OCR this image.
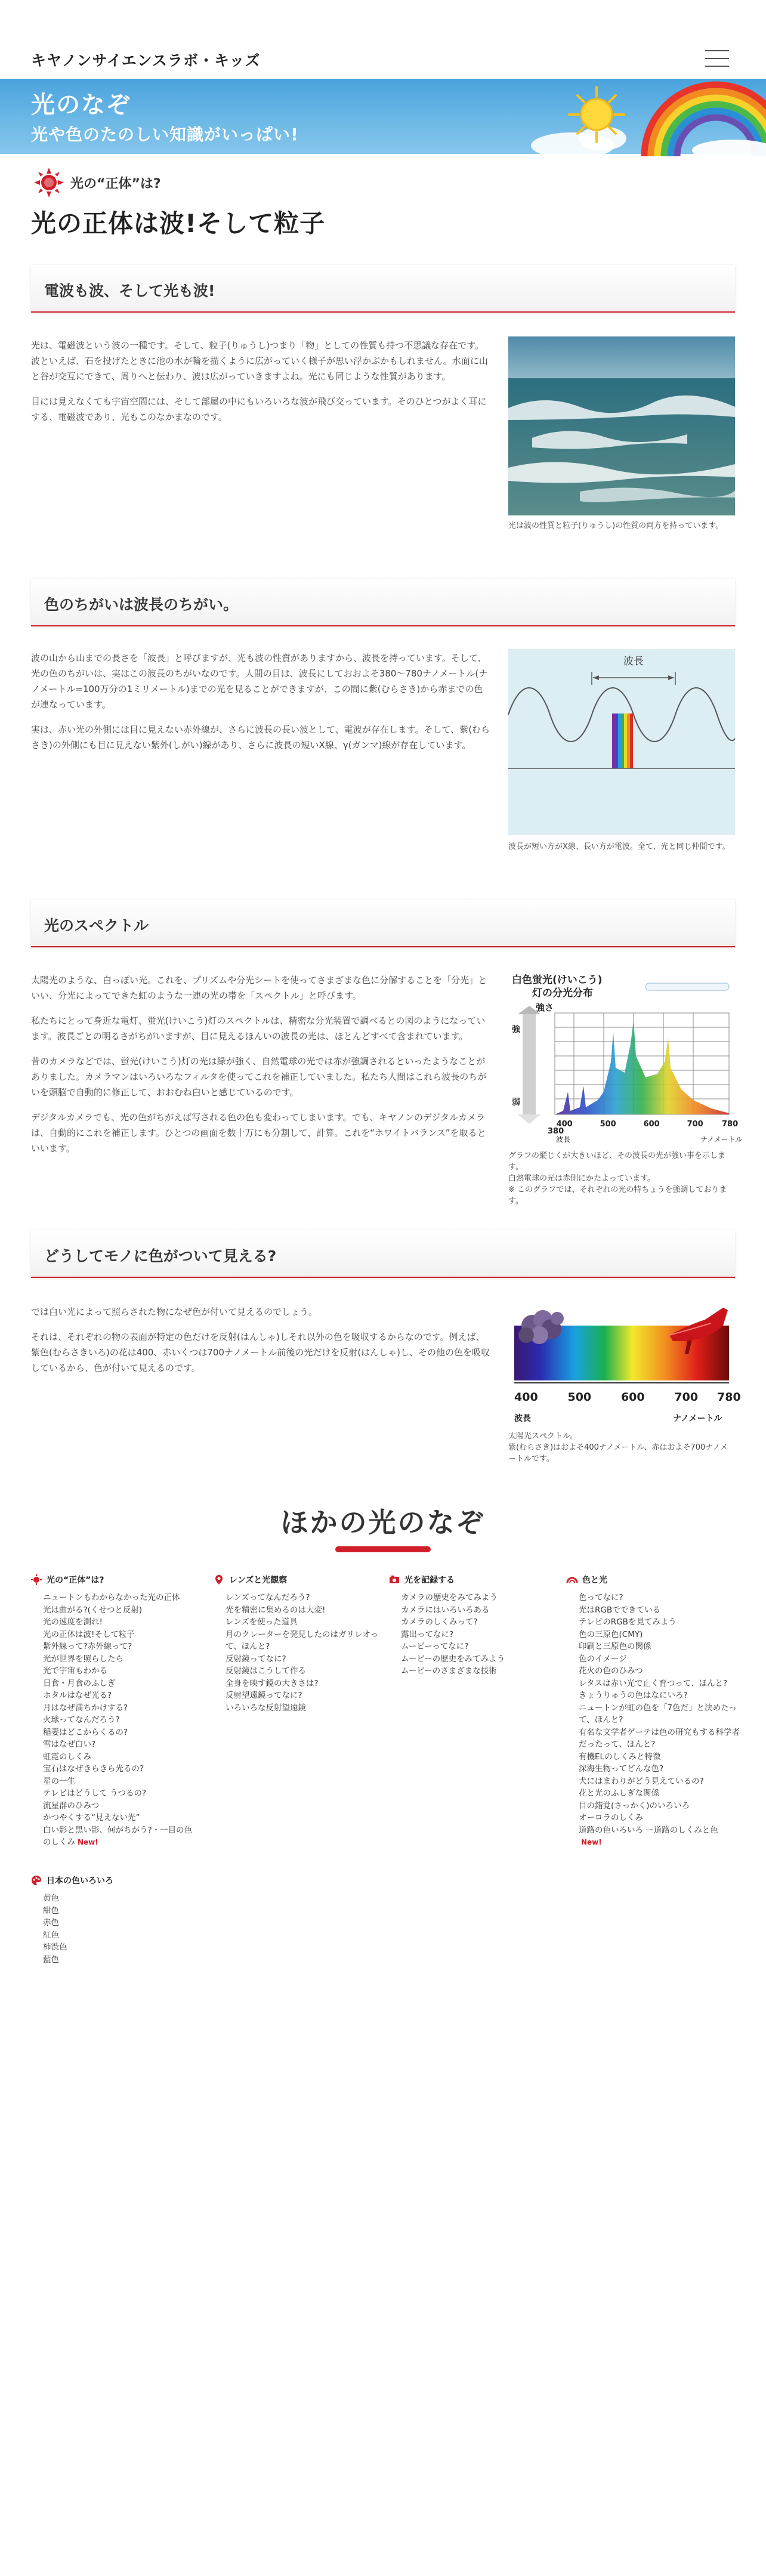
キヤノンサイエンスラボ・キッズ
光のなぞ
光や色のたのしい知識がいっぱい!
光の“正体”は?
光の正体は波!そして粒子
電波も波、そして光も波!

光は、電磁波という波の一種です。そして、粒子(りゅうし)つまり「物」としての性質も持つ不思議な存在です。波といえば、石を投げたときに池の水が輪を描くように広がっていく様子が思い浮かぶかもしれません。水面に山と谷が交互にできて、周りへと伝わり、波は広がっていきますよね。光にも同じような性質があります。

目には見えなくても宇宙空間には、そして部屋の中にもいろいろな波が飛び交っています。そのひとつがよく耳にする、電磁波であり、光もこのなかまなのです。

光は波の性質と粒子(りゅうし)の性質の両方を持っています。
色のちがいは波長のちがい。

波の山から山までの長さを「波長」と呼びますが、光も波の性質がありますから、波長を持っています。そして、光の色のちがいは、実はこの波長のちがいなのです。人間の目は、波長にしておおよそ380〜780ナノメートル(ナノメートル=100万分の1ミリメートル)までの光を見ることができますが、この間に紫(むらさき)から赤までの色が連なっています。

実は、赤い光の外側には目に見えない赤外線が、さらに波長の長い波として、電波が存在します。そして、紫(むらさき)の外側にも目に見えない紫外(しがい)線があり、さらに波長の短いX線、γ(ガンマ)線が存在しています。

波長
波長が短い方がX線、長い方が電波。全て、光と同じ仲間です。
光のスペクトル

太陽光のような、白っぽい光。これを、プリズムや分光シートを使ってさまざまな色に分解することを「分光」といい、分光によってできた虹のような一連の光の帯を「スペクトル」と呼びます。

私たちにとって身近な電灯、蛍光(けいこう)灯のスペクトルは、精密な分光装置で調べるとの図のようになっています。波長ごとの明るさがちがいますが、目に見えるほんいの波長の光は、ほとんどすべて含まれています。

昔のカメラなどでは、蛍光(けいこう)灯の光は緑が強く、自然電球の光では赤が強調されるといったようなことがありました。カメラマンはいろいろなフィルタを使ってこれを補正していました。私たち人間はこれら波長のちがいを頭脳で自動的に修正して、おおむね白いと感じているのです。

デジタルカメラでも、光の色がちがえば写される色の色も変わってしまいます。でも、キヤノンのデジタルカメラは、自動的にこれを補正します。ひとつの画面を数十万にも分割して、計算。これを“ホワイトバランス”を取るといいます。

白色蛍光(けいこう)
灯の分光分布
強さ
強
弱
380
400	500	600	700 780
ナノメートル
波長
グラフの縦じくが大きいほど、その波長の光が強い事を示します。
白熱電球の光は赤側にかたよっています。
※ このグラフでは、それぞれの光の特ちょうを強調しております。
どうしてモノに色がついて見える?

では白い光によって照らされた物になぜ色が付いて見えるのでしょう。

それは、それぞれの物の表面が特定の色だけを反射(はんしゃ)しそれ以外の色を吸収するからなのです。例えば、紫色(むらさきいろ)の花は400、赤いくつは700ナノメートル前後の光だけを反射(はんしゃ)し、その他の色を吸収しているから、色が付いて見えるのです。

400	500	600	700 780
波長	ナノメートル
太陽光スペクトル。
紫(むらさき)はおよそ400ナノメートル、赤はおよそ700ナノメートルです。
ほかの光のなぞ
光の“正体”は?
ニュートンもわからなかった光の正体
光は曲がる?(くせつと反射)
光の速度を測れ!
光の正体は波!そして粒子
紫外線って?赤外線って?
光が世界を照らしたら
光で宇宙もわかる
日食・月食のふしぎ
ホタルはなぜ光る?
月はなぜ満ちかけする?
火球ってなんだろう?
稲妻はどこからくるの?
雪はなぜ白い?
虹霓のしくみ
宝石はなぜきらきら光るの?
星の一生
テレビはどうして うつるの?
流星群のひみつ
かつやくする“見えない光”
白い影と黒い影、何がちがう?・一目の色のしくみ New!
レンズと光観察
レンズってなんだろう?
光を精密に集めるのは大変!
レンズを使った道具
月のクレーターを発見したのはガリレオって、ほんと?
反射鏡ってなに?
反射鏡はこうして作る
全身を映す鏡の大きさは?
反射望遠鏡ってなに?
いろいろな反射望遠鏡
光を記録する
カメラの歴史をみてみよう
カメラにはいろいろある
カメラのしくみって?
露出ってなに?
ムービーってなに?
ムービーの歴史をみてみよう
ムービーのさまざまな技術
色と光
色ってなに?
光はRGBでできている
テレビのRGBを見てみよう
色の三原色(CMY)
印刷と三原色の関係
色のイメージ
花火の色のひみつ
レタスは赤い光で止く育つって、ほんと?
きょうりゅうの色はなにいろ?
ニュートンが虹の色を「7色だ」と決めたって、ほんと?
有名な文学者ゲーテは色の研究もする科学者だったって、ほんと?
有機ELのしくみと特徴
深海生物ってどんな色?
犬にはまわりがどう見えているの?
花と光のふしぎな関係
目の錯覚(さっかく)のいろいろ
オーロラのしくみ
道路の色いろいろ ー道路のしくみと色New!
日本の色いろいろ
黄色
紺色
赤色
紅色
柿渋色
藍色
